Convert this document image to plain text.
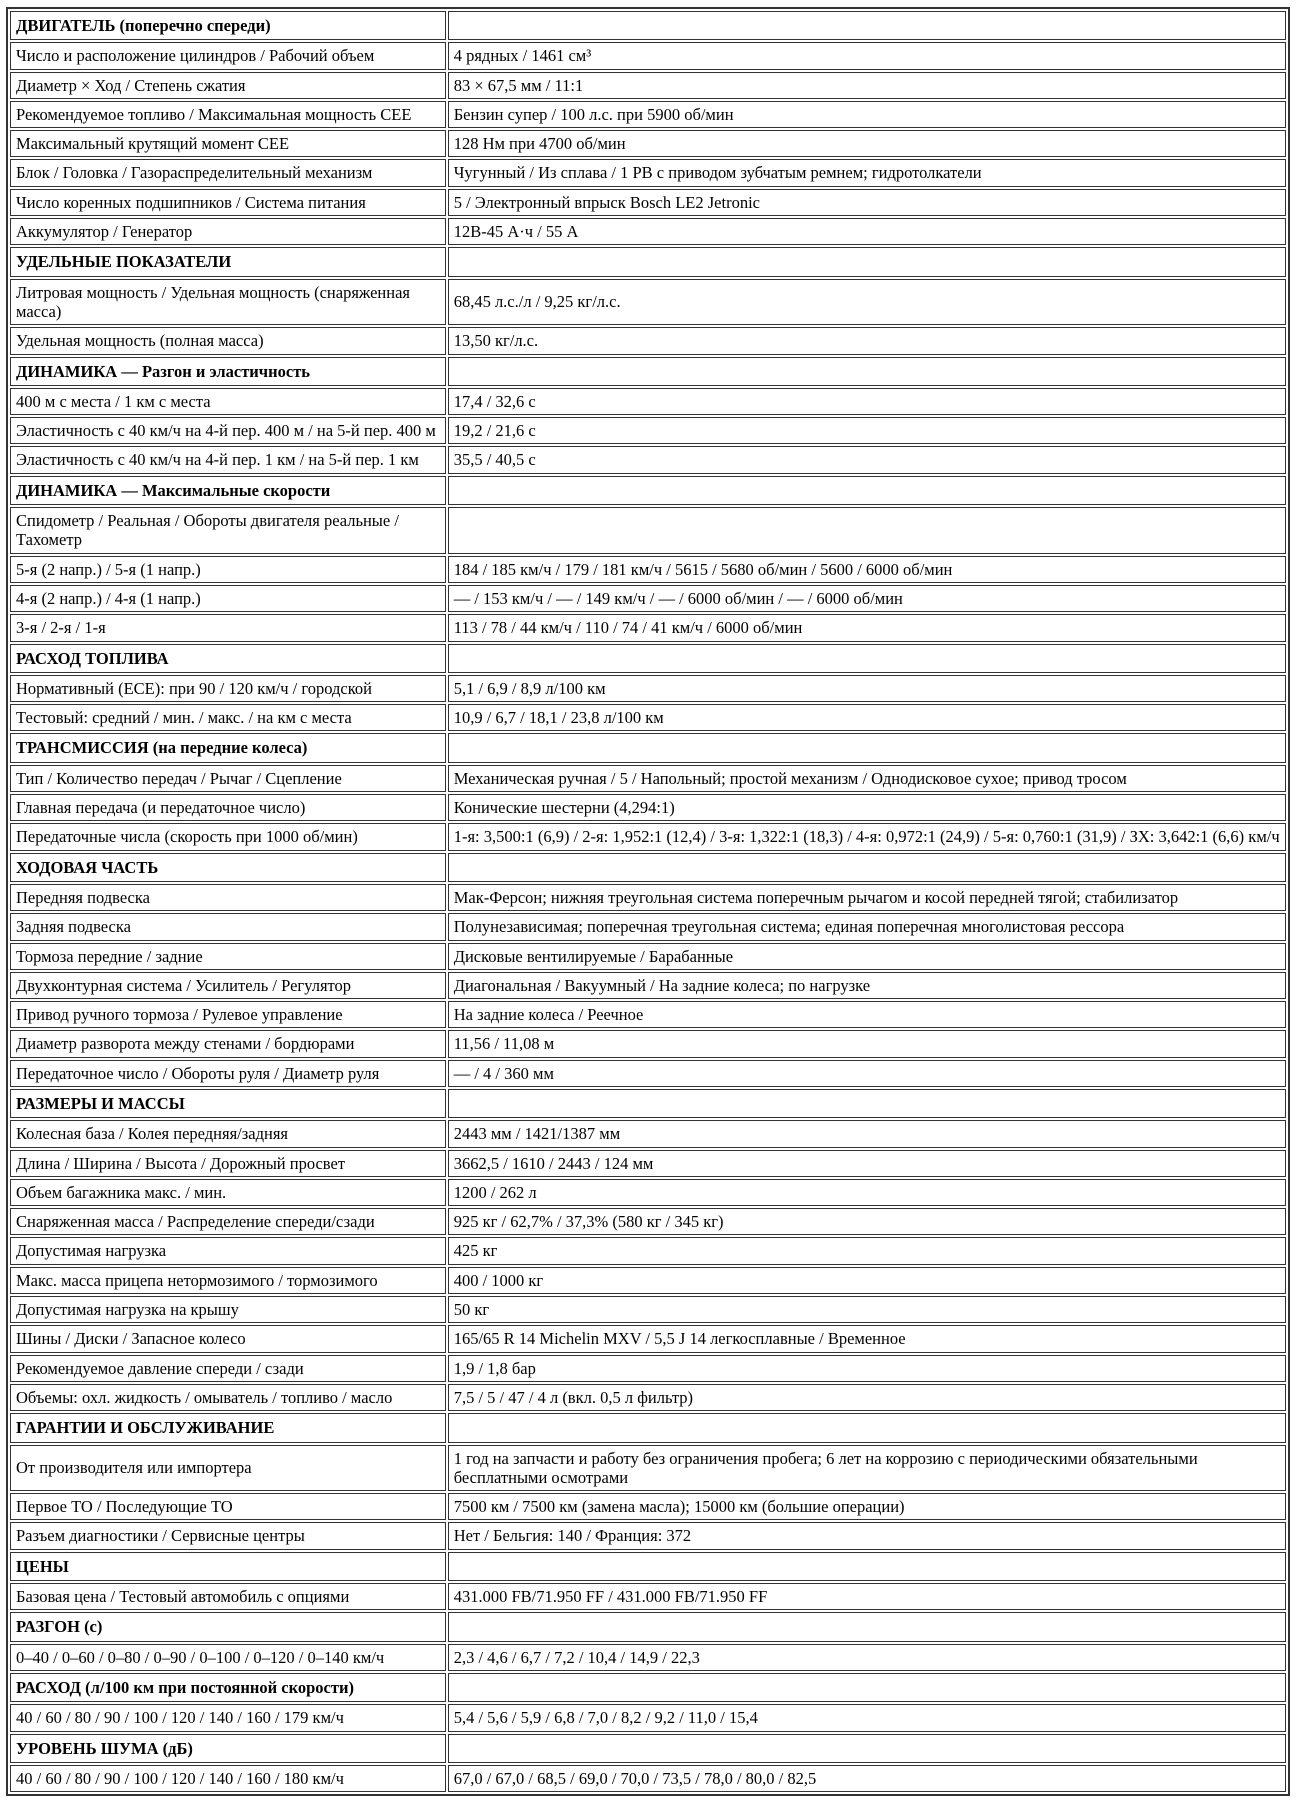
ДВИГАТЕЛЬ (поперечно спереди)	
Число и расположение цилиндров / Рабочий объем	4 рядных / 1461 см³
Диаметр × Ход / Степень сжатия	83 × 67,5 мм / 11:1
Рекомендуемое топливо / Максимальная мощность CEE	Бензин супер / 100 л.с. при 5900 об/мин
Максимальный крутящий момент CEE	128 Нм при 4700 об/мин
Блок / Головка / Газораспределительный механизм	Чугунный / Из сплава / 1 РВ с приводом зубчатым ремнем; гидротолкатели
Число коренных подшипников / Система питания	5 / Электронный впрыск Bosch LE2 Jetronic
Аккумулятор / Генератор	12В-45 А·ч / 55 А
УДЕЛЬНЫЕ ПОКАЗАТЕЛИ	
Литровая мощность / Удельная мощность (снаряженная масса)	68,45 л.с./л / 9,25 кг/л.с.
Удельная мощность (полная масса)	13,50 кг/л.с.
ДИНАМИКА — Разгон и эластичность	
400 м с места / 1 км с места	17,4 / 32,6 с
Эластичность с 40 км/ч на 4-й пер. 400 м / на 5-й пер. 400 м	19,2 / 21,6 с
Эластичность с 40 км/ч на 4-й пер. 1 км / на 5-й пер. 1 км	35,5 / 40,5 с
ДИНАМИКА — Максимальные скорости	
Спидометр / Реальная / Обороты двигателя реальные / Тахометр	
5-я (2 напр.) / 5-я (1 напр.)	184 / 185 км/ч / 179 / 181 км/ч / 5615 / 5680 об/мин / 5600 / 6000 об/мин
4-я (2 напр.) / 4-я (1 напр.)	— / 153 км/ч / — / 149 км/ч / — / 6000 об/мин / — / 6000 об/мин
3-я / 2-я / 1-я	113 / 78 / 44 км/ч / 110 / 74 / 41 км/ч / 6000 об/мин
РАСХОД ТОПЛИВА	
Нормативный (ЕСЕ): при 90 / 120 км/ч / городской	5,1 / 6,9 / 8,9 л/100 км
Тестовый: средний / мин. / макс. / на км с места	10,9 / 6,7 / 18,1 / 23,8 л/100 км
ТРАНСМИССИЯ (на передние колеса)	
Тип / Количество передач / Рычаг / Сцепление	Механическая ручная / 5 / Напольный; простой механизм / Однодисковое сухое; привод тросом
Главная передача (и передаточное число)	Конические шестерни (4,294:1)
Передаточные числа (скорость при 1000 об/мин)	1-я: 3,500:1 (6,9) / 2-я: 1,952:1 (12,4) / 3-я: 1,322:1 (18,3) / 4-я: 0,972:1 (24,9) / 5-я: 0,760:1 (31,9) / ЗХ: 3,642:1 (6,6) км/ч
ХОДОВАЯ ЧАСТЬ	
Передняя подвеска	Мак-Ферсон; нижняя треугольная система поперечным рычагом и косой передней тягой; стабилизатор
Задняя подвеска	Полунезависимая; поперечная треугольная система; единая поперечная многолистовая рессора
Тормоза передние / задние	Дисковые вентилируемые / Барабанные
Двухконтурная система / Усилитель / Регулятор	Диагональная / Вакуумный / На задние колеса; по нагрузке
Привод ручного тормоза / Рулевое управление	На задние колеса / Реечное
Диаметр разворота между стенами / бордюрами	11,56 / 11,08 м
Передаточное число / Обороты руля / Диаметр руля	— / 4 / 360 мм
РАЗМЕРЫ И МАССЫ	
Колесная база / Колея передняя/задняя	2443 мм / 1421/1387 мм
Длина / Ширина / Высота / Дорожный просвет	3662,5 / 1610 / 2443 / 124 мм
Объем багажника макс. / мин.	1200 / 262 л
Снаряженная масса / Распределение спереди/сзади	925 кг / 62,7% / 37,3% (580 кг / 345 кг)
Допустимая нагрузка	425 кг
Макс. масса прицепа нетормозимого / тормозимого	400 / 1000 кг
Допустимая нагрузка на крышу	50 кг
Шины / Диски / Запасное колесо	165/65 R 14 Michelin MXV / 5,5 J 14 легкосплавные / Временное
Рекомендуемое давление спереди / сзади	1,9 / 1,8 бар
Объемы: охл. жидкость / омыватель / топливо / масло	7,5 / 5 / 47 / 4 л (вкл. 0,5 л фильтр)
ГАРАНТИИ И ОБСЛУЖИВАНИЕ	
От производителя или импортера	1 год на запчасти и работу без ограничения пробега; 6 лет на коррозию с периодическими обязательными бесплатными осмотрами
Первое ТО / Последующие ТО	7500 км / 7500 км (замена масла); 15000 км (большие операции)
Разъем диагностики / Сервисные центры	Нет / Бельгия: 140 / Франция: 372
ЦЕНЫ	
Базовая цена / Тестовый автомобиль с опциями	431.000 FB/71.950 FF / 431.000 FB/71.950 FF
РАЗГОН (с)	
0–40 / 0–60 / 0–80 / 0–90 / 0–100 / 0–120 / 0–140 км/ч	2,3 / 4,6 / 6,7 / 7,2 / 10,4 / 14,9 / 22,3
РАСХОД (л/100 км при постоянной скорости)	
40 / 60 / 80 / 90 / 100 / 120 / 140 / 160 / 179 км/ч	5,4 / 5,6 / 5,9 / 6,8 / 7,0 / 8,2 / 9,2 / 11,0 / 15,4
УРОВЕНЬ ШУМА (дБ)	
40 / 60 / 80 / 90 / 100 / 120 / 140 / 160 / 180 км/ч	67,0 / 67,0 / 68,5 / 69,0 / 70,0 / 73,5 / 78,0 / 80,0 / 82,5
